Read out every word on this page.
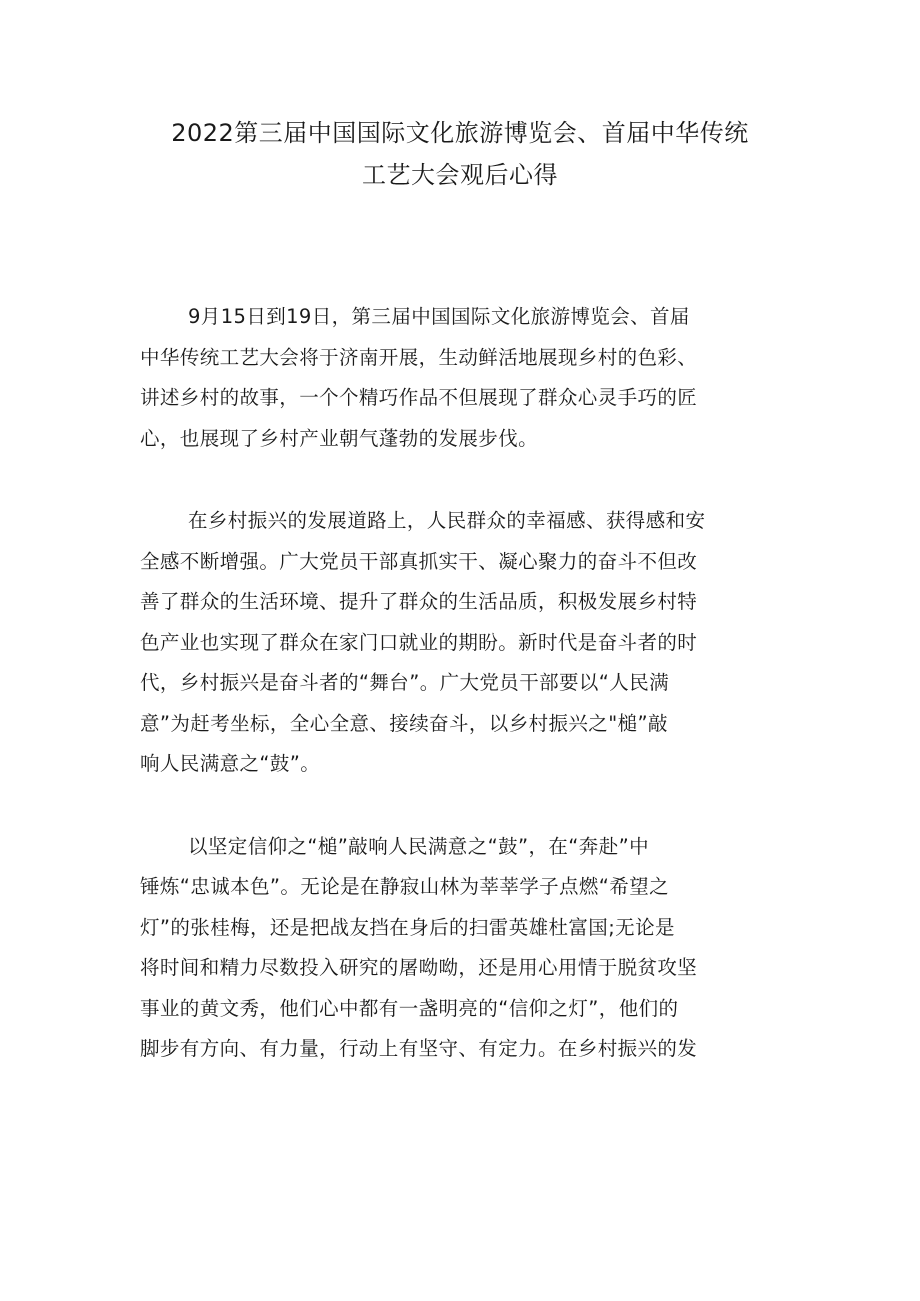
2022第三届中国国际文化旅游博览会、首届中华传统
工艺大会观后心得

9月15日到19日，第三届中国国际文化旅游博览会、首届
中华传统工艺大会将于济南开展，生动鲜活地展现乡村的色彩、
讲述乡村的故事，一个个精巧作品不但展现了群众心灵手巧的匠
心，也展现了乡村产业朝气蓬勃的发展步伐。

在乡村振兴的发展道路上，人民群众的幸福感、获得感和安
全感不断增强。广大党员干部真抓实干、凝心聚力的奋斗不但改
善了群众的生活环境、提升了群众的生活品质，积极发展乡村特
色产业也实现了群众在家门口就业的期盼。新时代是奋斗者的时
代，乡村振兴是奋斗者的“舞台”。广大党员干部要以“人民满
意”为赶考坐标，全心全意、接续奋斗，以乡村振兴之"槌”敲
响人民满意之“鼓”。

以坚定信仰之“槌”敲响人民满意之“鼓”，在“奔赴”中
锤炼“忠诚本色”。无论是在静寂山林为莘莘学子点燃“希望之
灯”的张桂梅，还是把战友挡在身后的扫雷英雄杜富国;无论是
将时间和精力尽数投入研究的屠呦呦，还是用心用情于脱贫攻坚
事业的黄文秀，他们心中都有一盏明亮的“信仰之灯”，他们的
脚步有方向、有力量，行动上有坚守、有定力。在乡村振兴的发
